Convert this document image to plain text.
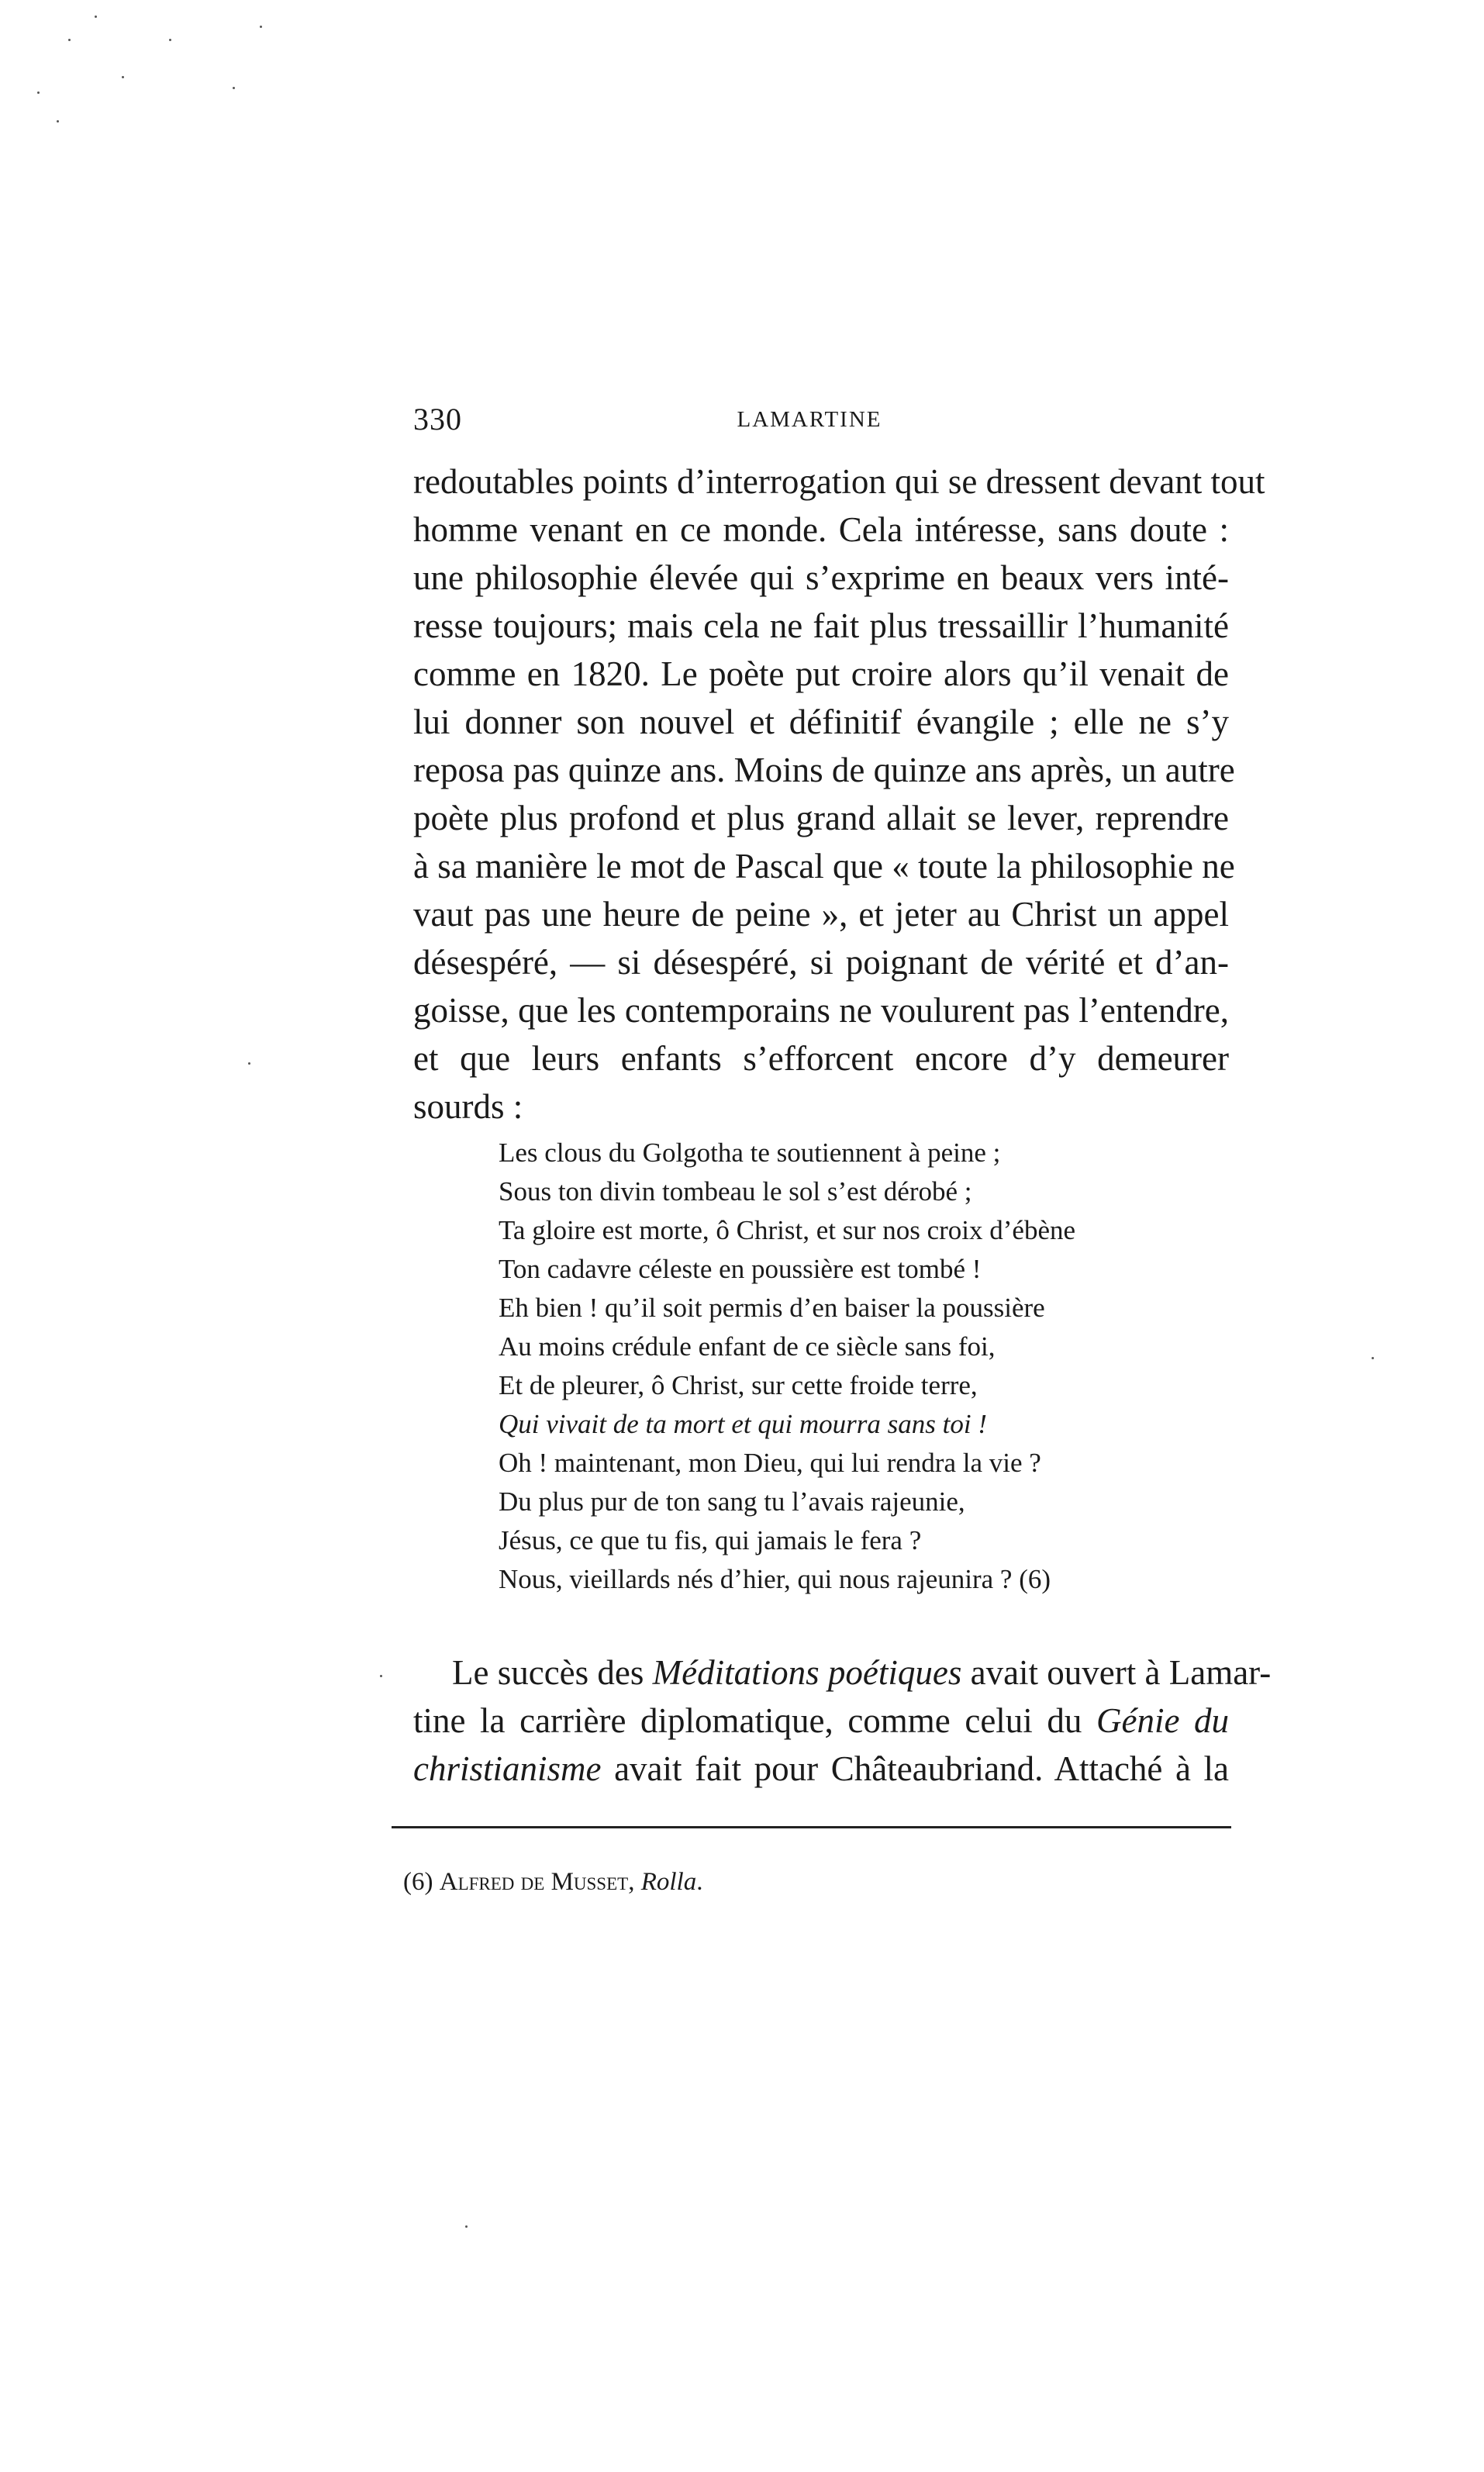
330	LAMARTINE
redoutables points d’interrogation qui se dressent devant tout
homme venant en ce monde. Cela intéresse, sans doute :
une philosophie élevée qui s’exprime en beaux vers inté-
resse toujours; mais cela ne fait plus tressaillir l’humanité
comme en 1820. Le poète put croire alors qu’il venait de
lui donner son nouvel et définitif évangile ; elle ne s’y
reposa pas quinze ans. Moins de quinze ans après, un autre
poète plus profond et plus grand allait se lever, reprendre
à sa manière le mot de Pascal que « toute la philosophie ne
vaut pas une heure de peine », et jeter au Christ un appel
désespéré, — si désespéré, si poignant de vérité et d’an-
goisse, que les contemporains ne voulurent pas l’entendre,
et que leurs enfants s’efforcent encore d’y demeurer
sourds :
Les clous du Golgotha te soutiennent à peine ;
Sous ton divin tombeau le sol s’est dérobé ;
Ta gloire est morte, ô Christ, et sur nos croix d’ébène
Ton cadavre céleste en poussière est tombé !
Eh bien ! qu’il soit permis d’en baiser la poussière
Au moins crédule enfant de ce siècle sans foi,
Et de pleurer, ô Christ, sur cette froide terre,
Qui vivait de ta mort et qui mourra sans toi !
Oh ! maintenant, mon Dieu, qui lui rendra la vie ?
Du plus pur de ton sang tu l’avais rajeunie,
Jésus, ce que tu fis, qui jamais le fera ?
Nous, vieillards nés d’hier, qui nous rajeunira ? (6)
Le succès des Méditations poétiques avait ouvert à Lamar-
tine la carrière diplomatique, comme celui du Génie du
christianisme avait fait pour Châteaubriand. Attaché à la
(6) Alfred de Musset, Rolla.
